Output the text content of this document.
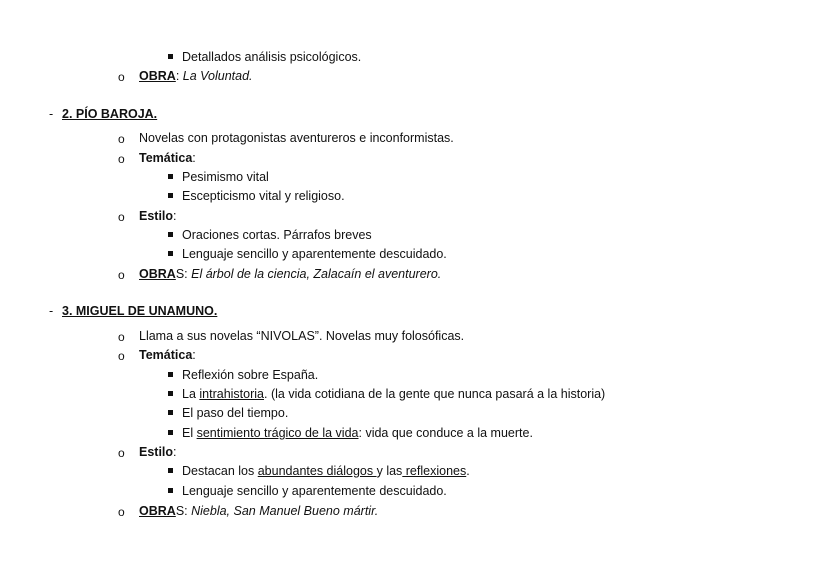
Detallados análisis psicológicos.
o OBRA: La Voluntad.
- 2. PÍO BAROJA.
o Novelas con protagonistas aventureros e inconformistas.
o Temática:
Pesimismo vital
Escepticismo vital y religioso.
o Estilo:
Oraciones cortas. Párrafos breves
Lenguaje sencillo y aparentemente descuidado.
o OBRAS: El árbol de la ciencia, Zalacaín el aventurero.
- 3. MIGUEL DE UNAMUNO.
o Llama a sus novelas “NIVOLAS”. Novelas muy folosóficas.
o Temática:
Reflexión sobre España.
La intrahistoria. (la vida cotidiana de la gente que nunca pasará a la historia)
El paso del tiempo.
El sentimiento trágico de la vida: vida que conduce a la muerte.
o Estilo:
Destacan los abundantes diálogos y las reflexiones.
Lenguaje sencillo y aparentemente descuidado.
o OBRAS: Niebla, San Manuel Bueno mártir.
